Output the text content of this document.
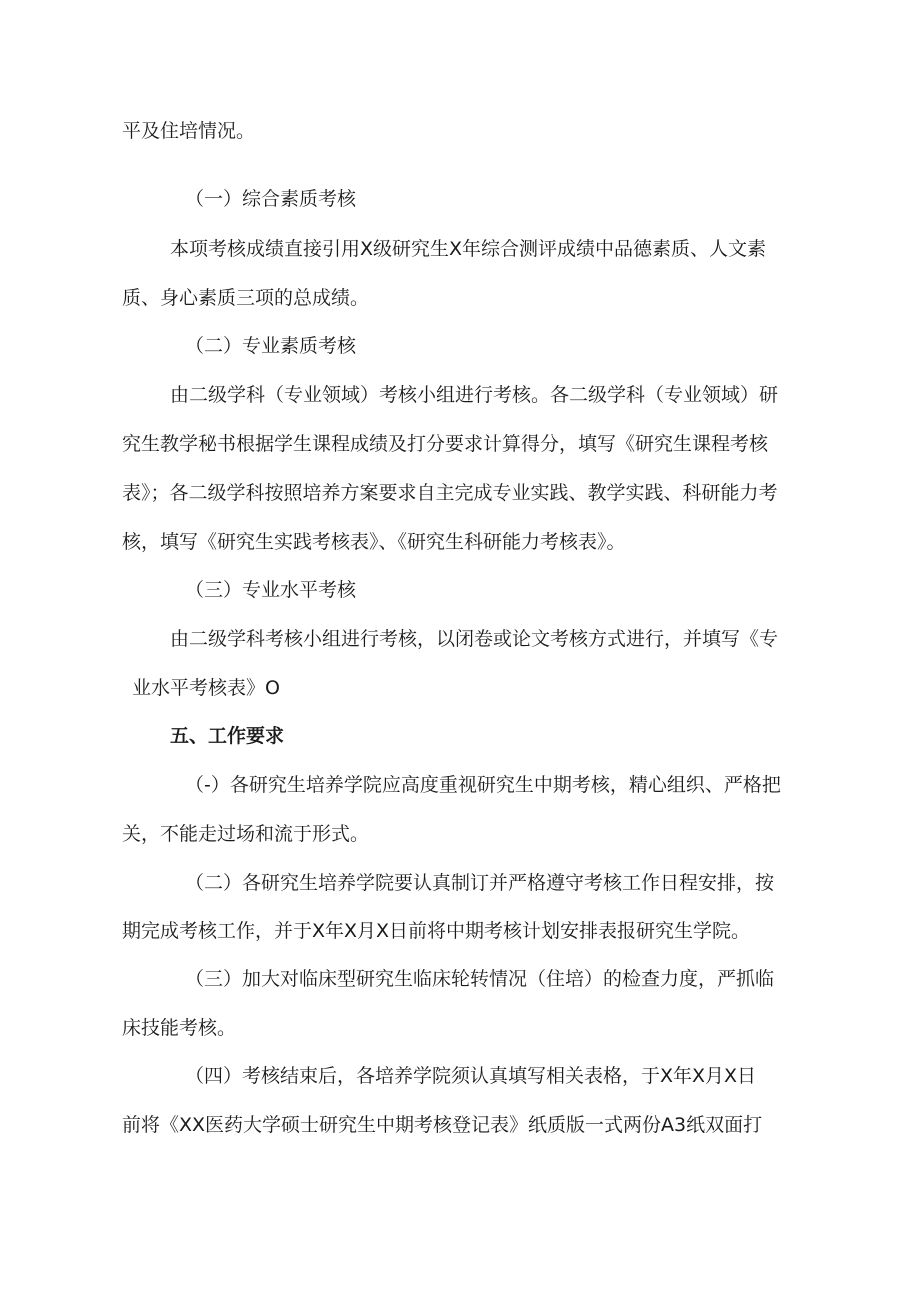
平及住培情况。
（一）综合素质考核
本项考核成绩直接引用X级研究生X年综合测评成绩中品德素质、人文素
质、身心素质三项的总成绩。
（二）专业素质考核
由二级学科（专业领域）考核小组进行考核。各二级学科（专业领域）研
究生教学秘书根据学生课程成绩及打分要求计算得分，填写《研究生课程考核
表》；各二级学科按照培养方案要求自主完成专业实践、教学实践、科研能力考
核，填写《研究生实践考核表》、《研究生科研能力考核表》。
（三）专业水平考核
由二级学科考核小组进行考核，以闭卷或论文考核方式进行，并填写《专
业水平考核表》O
五、工作要求
（-）各研究生培养学院应高度重视研究生中期考核，精心组织、严格把
关，不能走过场和流于形式。
（二）各研究生培养学院要认真制订并严格遵守考核工作日程安排，按
期完成考核工作，并于X年X月X日前将中期考核计划安排表报研究生学院。
（三）加大对临床型研究生临床轮转情况（住培）的检查力度，严抓临
床技能考核。
（四）考核结束后，各培养学院须认真填写相关表格，于X年X月X日
前将《XX医药大学硕士研究生中期考核登记表》纸质版一式两份A3纸双面打
